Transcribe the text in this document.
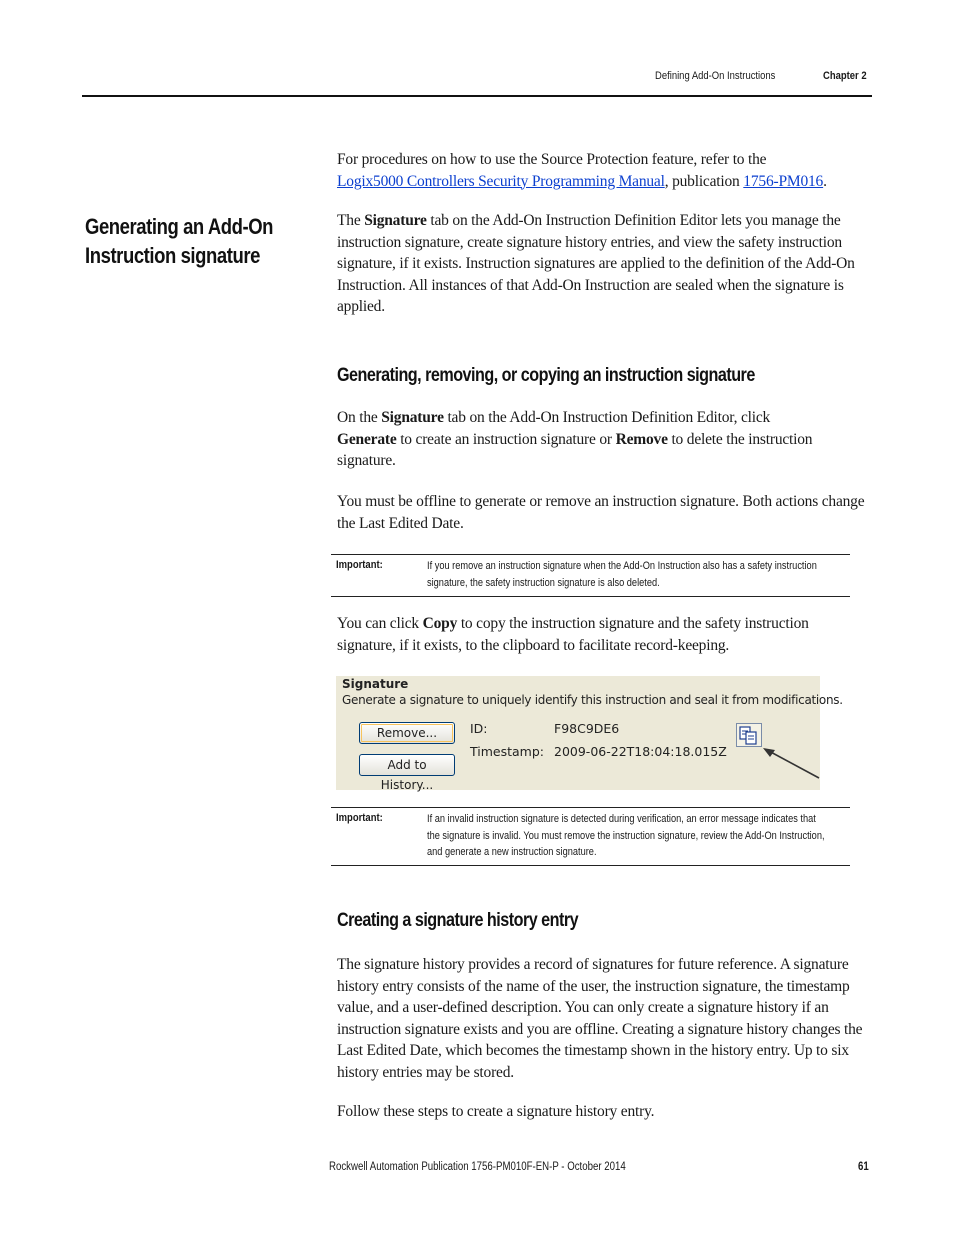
Defining Add-On Instructions	Chapter 2

For procedures on how to use the Source Protection feature, refer to the
Logix5000 Controllers Security Programming Manual, publication 1756-PM016.

Generating an Add-On Instruction signature

The Signature tab on the Add-On Instruction Definition Editor lets you manage the instruction signature, create signature history entries, and view the safety instruction signature, if it exists. Instruction signatures are applied to the definition of the Add-On Instruction. All instances of that Add-On Instruction are sealed when the signature is applied.

Generating, removing, or copying an instruction signature

On the Signature tab on the Add-On Instruction Definition Editor, click
Generate to create an instruction signature or Remove to delete the instruction signature.

You must be offline to generate or remove an instruction signature. Both actions change the Last Edited Date.

Important:	If you remove an instruction signature when the Add-On Instruction also has a safety instruction signature, the safety instruction signature is also deleted.

You can click Copy to copy the instruction signature and the safety instruction signature, if it exists, to the clipboard to facilitate record-keeping.

Signature
Generate a signature to uniquely identify this instruction and seal it from modifications.
Remove...
Add to History...
ID:	F98C9DE6
Timestamp: 2009-06-22T18:04:18.015Z
Important:	If an invalid instruction signature is detected during verification, an error message indicates that the signature is invalid. You must remove the instruction signature, review the Add-On Instruction, and generate a new instruction signature.
Creating a signature history entry

The signature history provides a record of signatures for future reference. A signature history entry consists of the name of the user, the instruction signature, the timestamp value, and a user-defined description. You can only create a signature history if an instruction signature exists and you are offline. Creating a signature history changes the Last Edited Date, which becomes the timestamp shown in the history entry. Up to six history entries may be stored.

Follow these steps to create a signature history entry.

Rockwell Automation Publication 1756-PM010F-EN-P - October 2014	61
